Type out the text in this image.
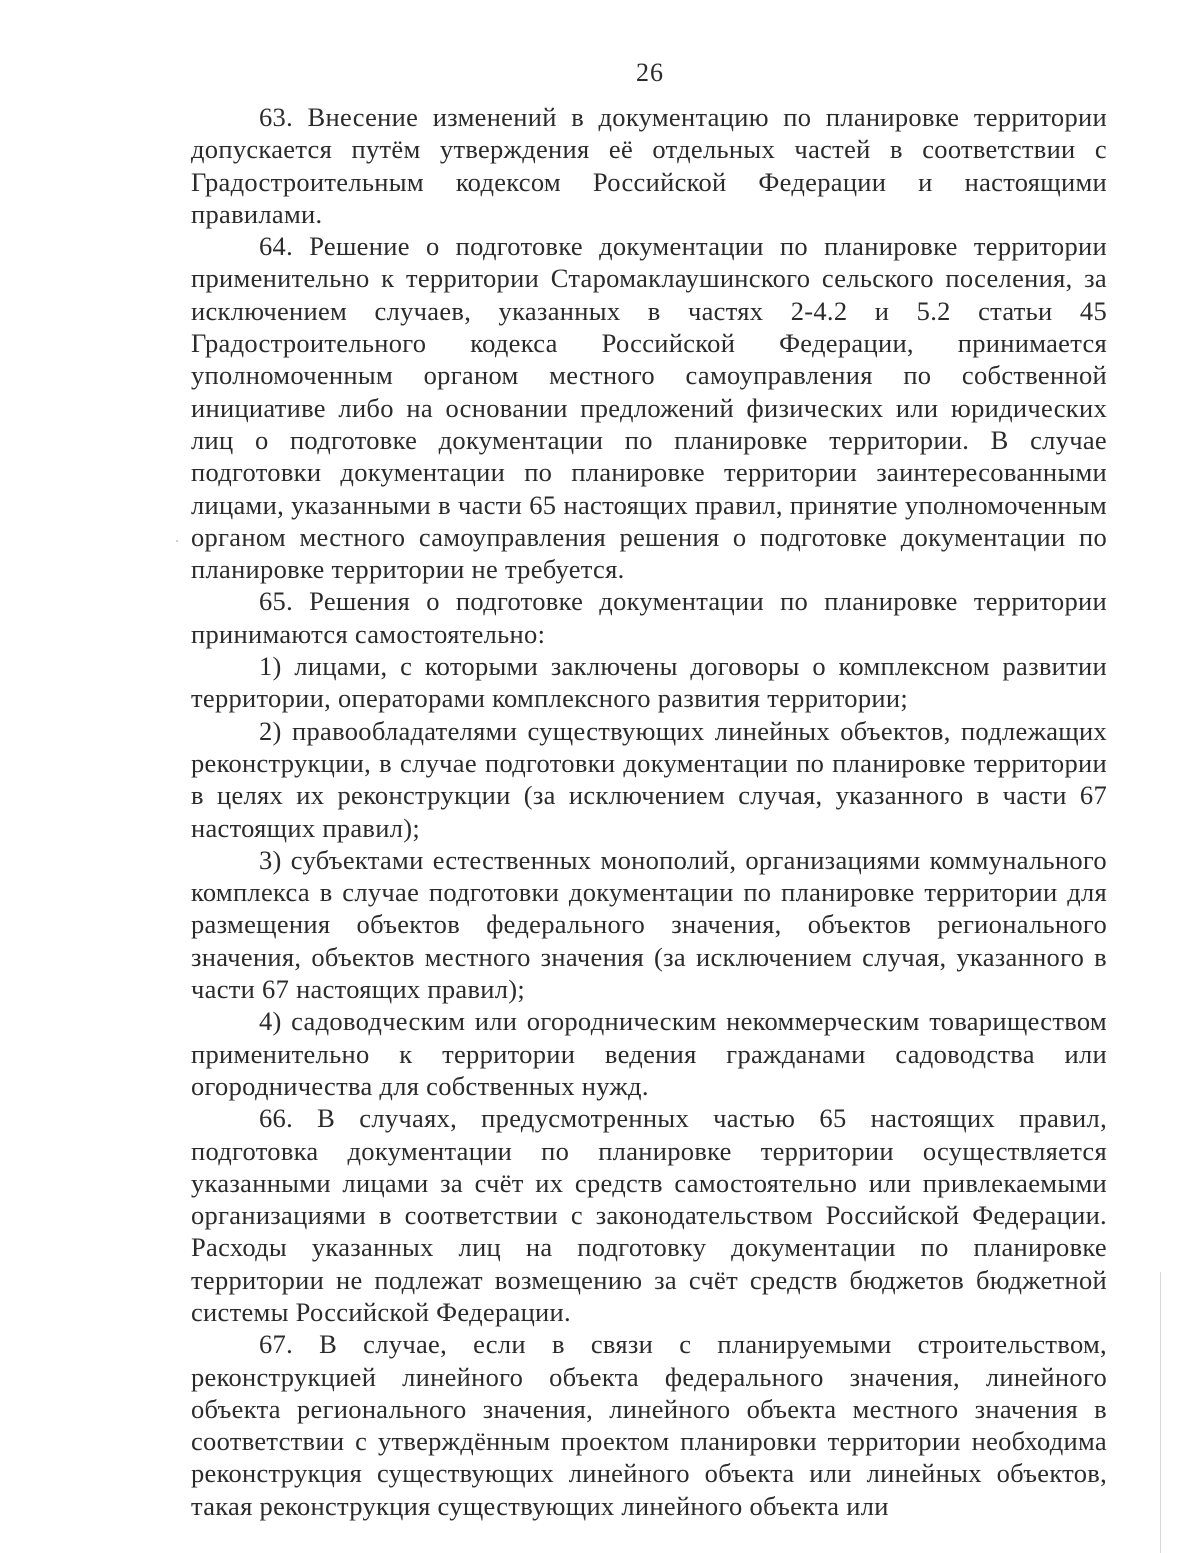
26

63. Внесение изменений в документацию по планировке территории допускается путём утверждения её отдельных частей в соответствии с Градостроительным кодексом Российской Федерации и настоящими правилами.

64. Решение о подготовке документации по планировке территории применительно к территории Старомаклаушинского сельского поселения, за исключением случаев, указанных в частях 2-4.2 и 5.2 статьи 45 Градостроительного кодекса Российской Федерации, принимается уполномоченным органом местного самоуправления по собственной инициативе либо на основании предложений физических или юридических лиц о подготовке документации по планировке территории. В случае подготовки документации по планировке территории заинтересованными лицами, указанными в части 65 настоящих правил, принятие уполномоченным органом местного самоуправления решения о подготовке документации по планировке территории не требуется.

65. Решения о подготовке документации по планировке территории принимаются самостоятельно:

1) лицами, с которыми заключены договоры о комплексном развитии территории, операторами комплексного развития территории;

2) правообладателями существующих линейных объектов, подлежащих реконструкции, в случае подготовки документации по планировке территории в целях их реконструкции (за исключением случая, указанного в части 67 настоящих правил);

3) субъектами естественных монополий, организациями коммунального комплекса в случае подготовки документации по планировке территории для размещения объектов федерального значения, объектов регионального значения, объектов местного значения (за исключением случая, указанного в части 67 настоящих правил);

4) садоводческим или огородническим некоммерческим товариществом применительно к территории ведения гражданами садоводства или огородничества для собственных нужд.

66. В случаях, предусмотренных частью 65 настоящих правил, подготовка документации по планировке территории осуществляется указанными лицами за счёт их средств самостоятельно или привлекаемыми организациями в соответствии с законодательством Российской Федерации. Расходы указанных лиц на подготовку документации по планировке территории не подлежат возмещению за счёт средств бюджетов бюджетной системы Российской Федерации.

67. В случае, если в связи с планируемыми строительством, реконструкцией линейного объекта федерального значения, линейного объекта регионального значения, линейного объекта местного значения в соответствии с утверждённым проектом планировки территории необходима реконструкция существующих линейного объекта или линейных объектов, такая реконструкция существующих линейного объекта или
